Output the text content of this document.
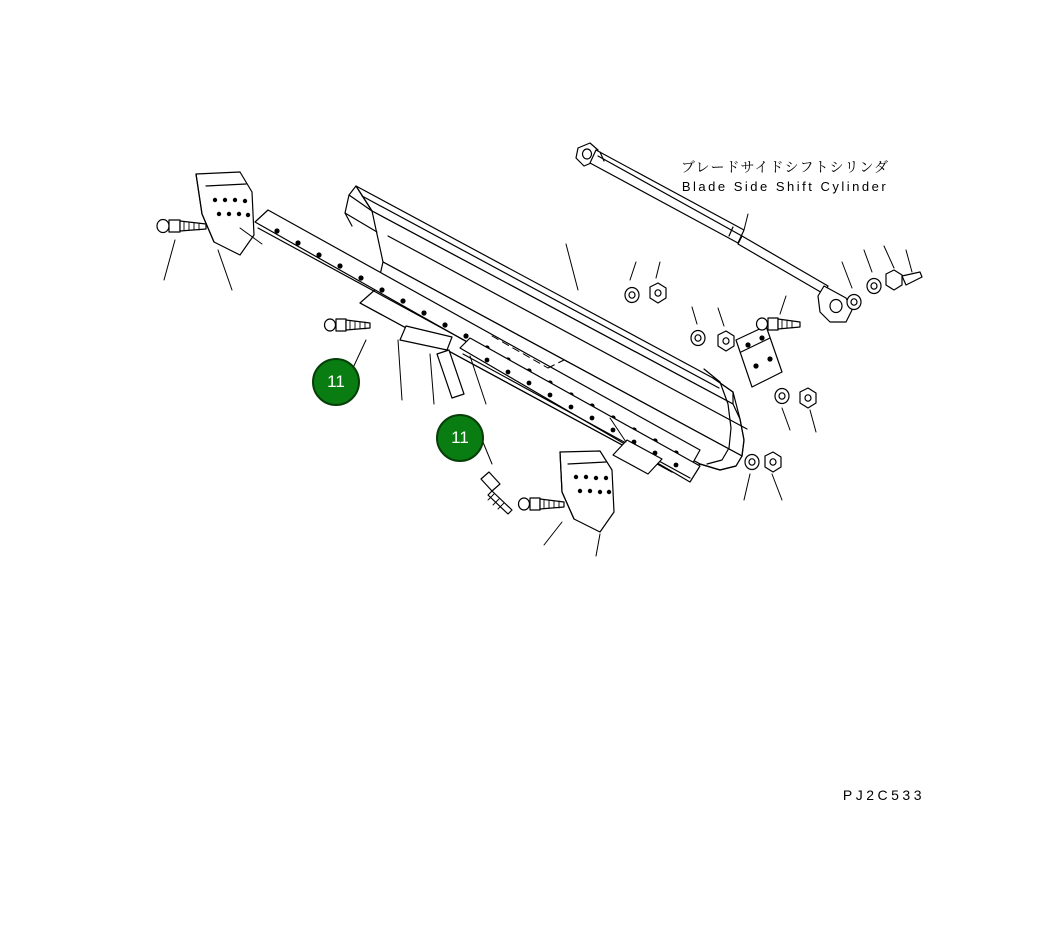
ブレードサイドシフトシリンダ
Blade Side Shift Cylinder
11
11
PJ2C533
